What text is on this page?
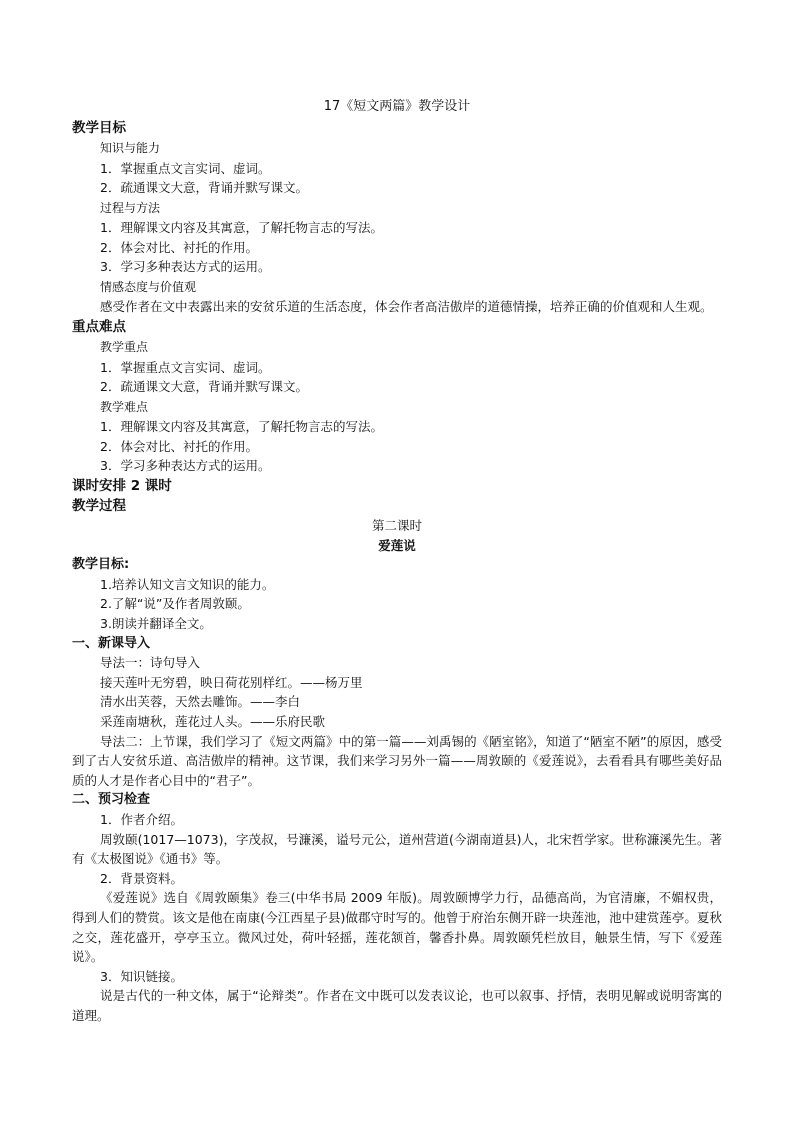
17《短文两篇》教学设计
教学目标
知识与能力
1．掌握重点文言实词、虚词。
2．疏通课文大意，背诵并默写课文。
过程与方法
1．理解课文内容及其寓意，了解托物言志的写法。
2．体会对比、衬托的作用。
3．学习多种表达方式的运用。
情感态度与价值观
感受作者在文中表露出来的安贫乐道的生活态度，体会作者高洁傲岸的道德情操，培养正确的价值观和人生观。
重点难点
教学重点
1．掌握重点文言实词、虚词。
2．疏通课文大意，背诵并默写课文。
教学难点
1．理解课文内容及其寓意，了解托物言志的写法。
2．体会对比、衬托的作用。
3．学习多种表达方式的运用。
课时安排 2 课时
教学过程
第二课时
爱莲说
教学目标:
1.培养认知文言文知识的能力。
2.了解“说”及作者周敦颐。
3.朗读并翻译全文。
一、新课导入
导法一：诗句导入
接天莲叶无穷碧，映日荷花别样红。——杨万里
清水出芙蓉，天然去雕饰。——李白
采莲南塘秋，莲花过人头。——乐府民歌
导法二：上节课，我们学习了《短文两篇》中的第一篇——刘禹锡的《陋室铭》，知道了“陋室不陋”的原因，感受到了古人安贫乐道、高洁傲岸的精神。这节课，我们来学习另外一篇——周敦颐的《爱莲说》，去看看具有哪些美好品质的人才是作者心目中的“君子”。
二、预习检查
1．作者介绍。
周敦颐(1017—1073)，字茂叔，号濂溪，谥号元公，道州营道(今湖南道县)人，北宋哲学家。世称濂溪先生。著有《太极图说》《通书》等。
2．背景资料。
《爱莲说》选自《周敦颐集》卷三(中华书局 2009 年版)。周敦颐博学力行，品德高尚，为官清廉，不媚权贵，得到人们的赞赏。该文是他在南康(今江西星子县)做郡守时写的。他曾于府治东侧开辟一块莲池，池中建赏莲亭。夏秋之交，莲花盛开，亭亭玉立。微风过处，荷叶轻摇，莲花颔首，馨香扑鼻。周敦颐凭栏放目，触景生情，写下《爱莲说》。
3．知识链接。
说是古代的一种文体，属于“论辩类”。作者在文中既可以发表议论，也可以叙事、抒情，表明见解或说明寄寓的道理。
